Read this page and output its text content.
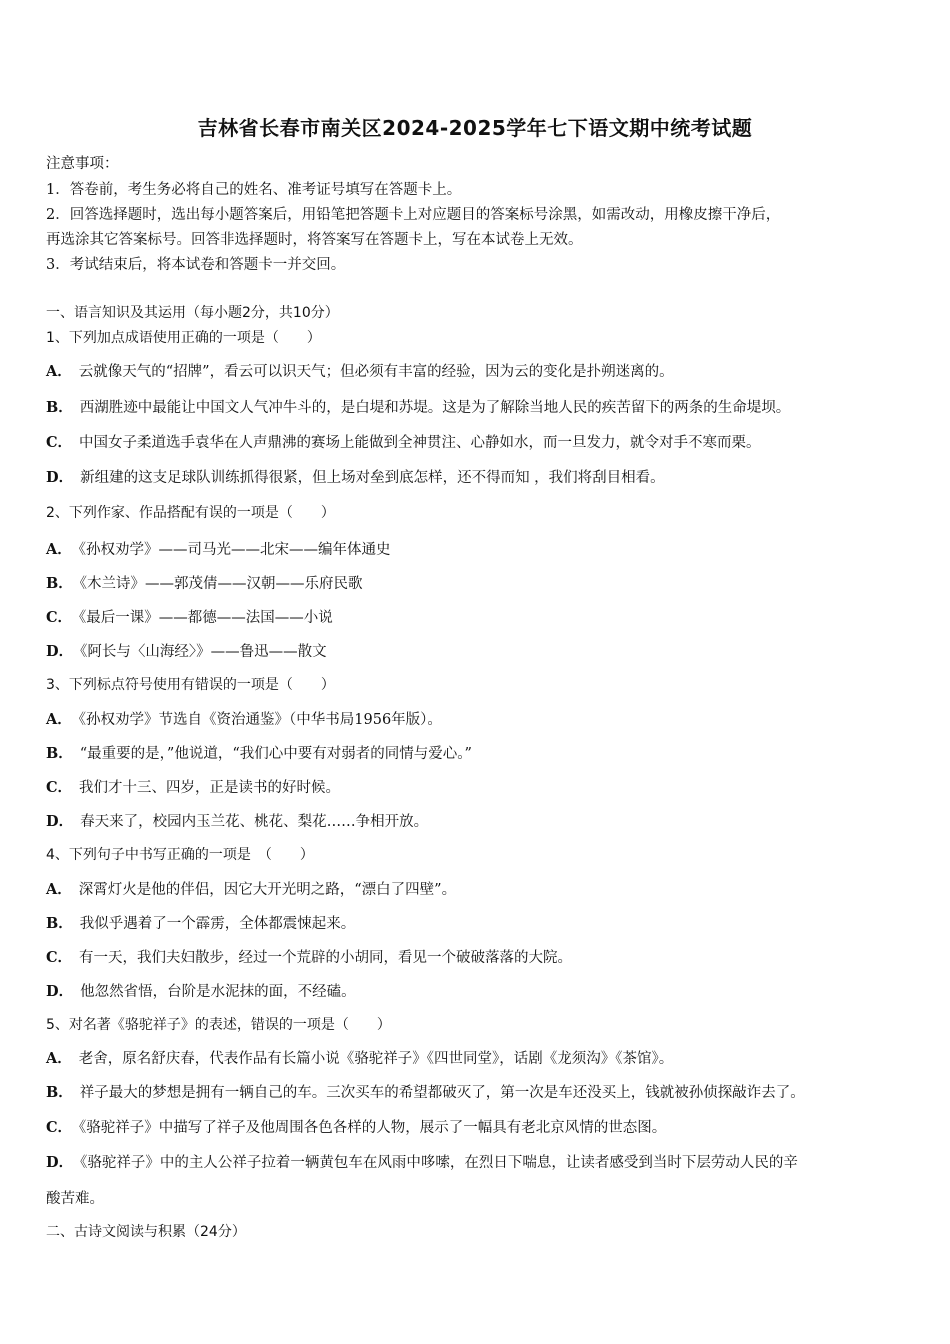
吉林省长春市南关区2024-2025学年七下语文期中统考试题
注意事项：
1．答卷前，考生务必将自己的姓名、准考证号填写在答题卡上。
2．回答选择题时，选出每小题答案后，用铅笔把答题卡上对应题目的答案标号涂黑，如需改动，用橡皮擦干净后，
再选涂其它答案标号。回答非选择题时，将答案写在答题卡上，写在本试卷上无效。
3．考试结束后，将本试卷和答题卡一并交回。
一、语言知识及其运用（每小题2分，共10分）
1、下列加点成语使用正确的一项是（　　）
A． 云就像天气的“招牌”，看云可以识天气；但必须有丰富的经验，因为云的变化是扑朔迷离的。
B． 西湖胜迹中最能让中国文人气冲牛斗的，是白堤和苏堤。这是为了解除当地人民的疾苦留下的两条的生命堤坝。
C． 中国女子柔道选手袁华在人声鼎沸的赛场上能做到全神贯注、心静如水，而一旦发力，就令对手不寒而栗。
D． 新组建的这支足球队训练抓得很紧，但上场对垒到底怎样，还不得而知 ，我们将刮目相看。
2、下列作家、作品搭配有误的一项是（　　）
A． 《孙权劝学》——司马光——北宋——编年体通史
B． 《木兰诗》——郭茂倩——汉朝——乐府民歌
C． 《最后一课》——都德——法国——小说
D． 《阿长与〈山海经〉》——鲁迅——散文
3、下列标点符号使用有错误的一项是（　　）
A． 《孙权劝学》节选自《资治通鉴》（中华书局1956年版）。
B． “最重要的是，”他说道，“我们心中要有对弱者的同情与爱心。”
C． 我们才十三、四岁，正是读书的好时候。
D． 春天来了，校园内玉兰花、桃花、梨花……争相开放。
4、下列句子中书写正确的一项是　（　　）
A． 深霄灯火是他的伴侣，因它大开光明之路，“漂白了四壁”。
B． 我似乎遇着了一个霹雳，全体都震悚起来。
C． 有一天，我们夫妇散步，经过一个荒辟的小胡同，看见一个破破落落的大院。
D． 他忽然省悟，台阶是水泥抹的面，不经磕。
5、对名著《骆驼祥子》的表述，错误的一项是（　　）
A． 老舍，原名舒庆春，代表作品有长篇小说《骆驼祥子》《四世同堂》，话剧《龙须沟》《茶馆》。
B． 祥子最大的梦想是拥有一辆自己的车。三次买车的希望都破灭了，第一次是车还没买上，钱就被孙侦探敲诈去了。
C． 《骆驼祥子》中描写了祥子及他周围各色各样的人物，展示了一幅具有老北京风情的世态图。
D． 《骆驼祥子》中的主人公祥子拉着一辆黄包车在风雨中哆嗦，在烈日下喘息，让读者感受到当时下层劳动人民的辛
酸苦难。
二、古诗文阅读与积累（24分）
